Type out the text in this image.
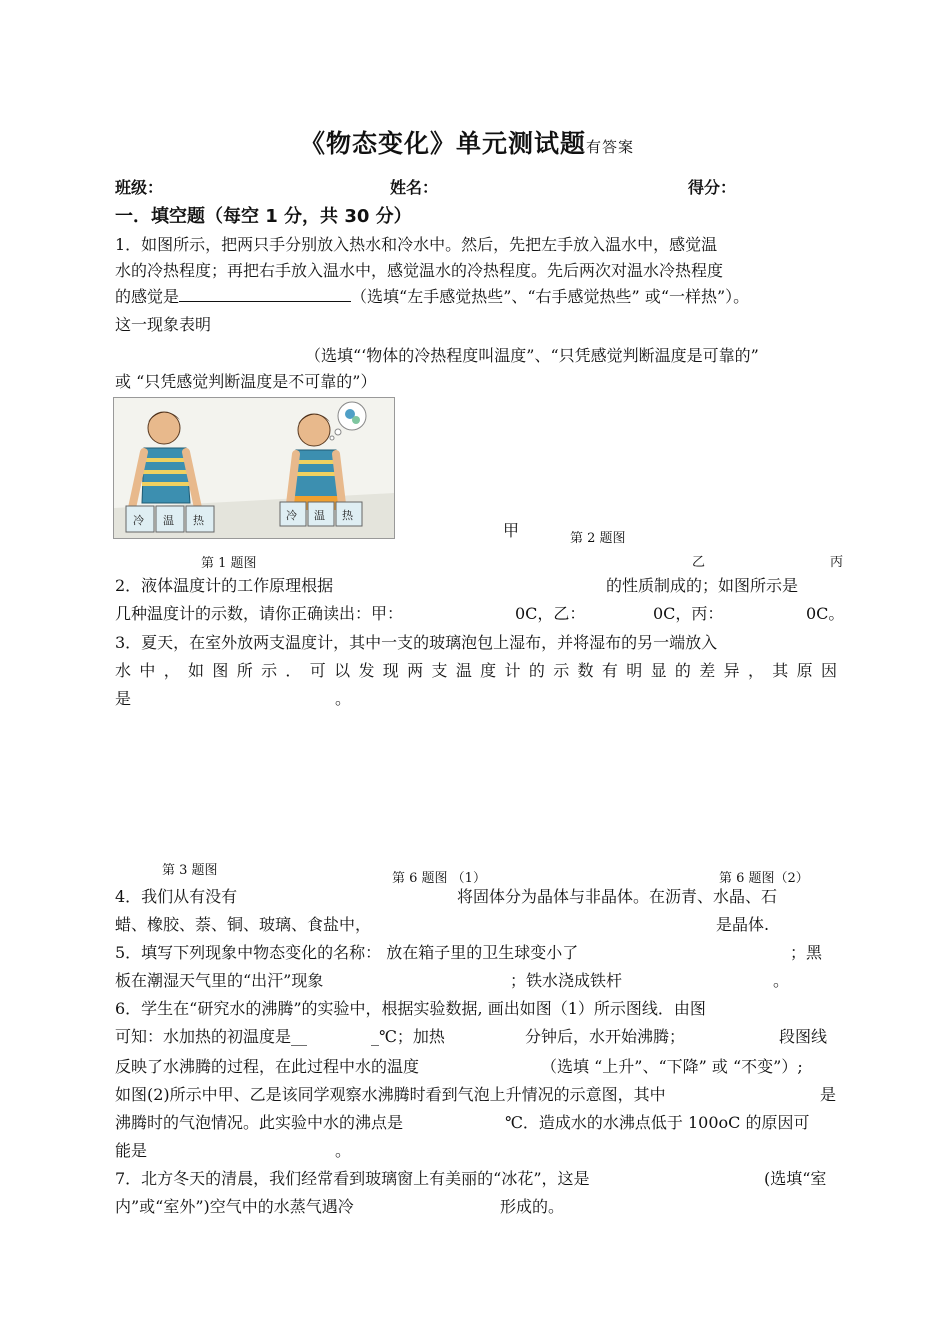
《物态变化》单元测试题有答案
班级：	姓名：	得分：
一．填空题（每空 1 分，共 30 分）
1．如图所示，把两只手分别放入热水和冷水中。然后，先把左手放入温水中，感觉温
水的冷热程度；再把右手放入温水中，感觉温水的冷热程度。先后两次对温水冷热程度
的感觉是	（选填“左手感觉热些”、“右手感觉热些” 或“一样热”）。
这一现象表明
（选填“‘物体的冷热程度叫温度”、“只凭感觉判断温度是可靠的”
或 “只凭感觉判断温度是不可靠的”）
冷 温 热	冷 温 热
甲	第 2 题图
第 1 题图	乙	丙
2．液体温度计的工作原理根据	的性质制成的；如图所示是
几种温度计的示数，请你正确读出：甲：	0C，乙：	0C，丙：	0C。
3．夏天，在室外放两支温度计，其中一支的玻璃泡包上湿布，并将湿布的另一端放入
水 中 ， 如 图 所 示 ． 可 以 发 现 两 支 温 度 计 的 示 数 有 明 显 的 差 异 ， 其 原 因
是	。
第 3 题图
第 6 题图 （1）	第 6 题图（2）
4．我们从有没有	将固体分为晶体与非晶体。在沥青、水晶、石
蜡、橡胶、萘、铜、玻璃、食盐中，	是晶体.
5．填写下列现象中物态变化的名称： 放在箱子里的卫生球变小了	；黑
板在潮湿天气里的“出汗”现象	；铁水浇成铁杆	。
6．学生在“研究水的沸腾”的实验中，根据实验数据, 画出如图（1）所示图线．由图
可知：水加热的初温度是__	_℃；加热	分钟后，水开始沸腾；	段图线
反映了水沸腾的过程，在此过程中水的温度	（选填 “上升”、“下降” 或 “不变”）;
如图(2)所示中甲、乙是该同学观察水沸腾时看到气泡上升情况的示意图，其中	是
沸腾时的气泡情况。此实验中水的沸点是	℃．造成水的水沸点低于 100oC 的原因可
能是	。
7．北方冬天的清晨，我们经常看到玻璃窗上有美丽的“冰花”，这是	(选填“室
内”或“室外”)空气中的水蒸气遇冷	形成的。
